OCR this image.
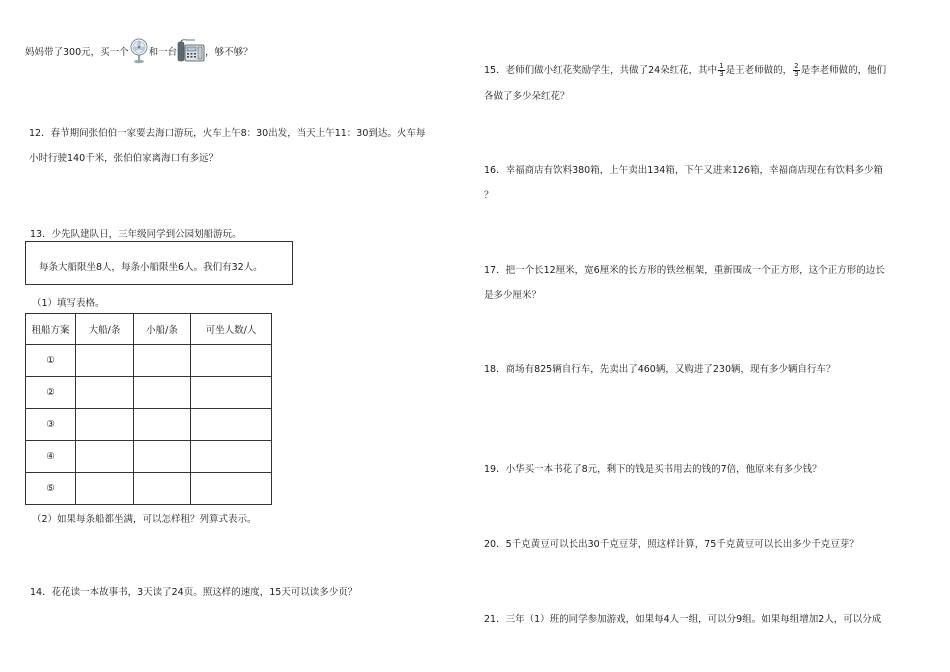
妈妈带了300元，买一个 和一台	，够不够？
12．春节期间张伯伯一家要去海口游玩，火车上午8：30出发，当天上午11：30到达。火车每
小时行驶140千米，张伯伯家离海口有多远？
13．少先队建队日，三年级同学到公园划船游玩。
每条大船限坐8人，每条小船限坐6人。我们有32人。
（1）填写表格。
租船方案	大船/条	小船/条	可坐人数/人
①			
②			
③			
④			
⑤			
（2）如果每条船都坐满，可以怎样租？列算式表示。
14．花花读一本故事书，3天读了24页。照这样的速度，15天可以读多少页？
15．老师们做小红花奖励学生，共做了24朵红花，其中 $\frac{1}{3}$ 是王老师做的， $\frac{2}{3}$ 是李老师做的，他们
各做了多少朵红花？
16．幸福商店有饮料380箱，上午卖出134箱，下午又进来126箱，幸福商店现在有饮料多少箱
？
17．把一个长12厘米，宽6厘米的长方形的铁丝框架，重新围成一个正方形，这个正方形的边长
是多少厘米？
18．商场有825辆自行车，先卖出了460辆，又购进了230辆，现有多少辆自行车？
19．小华买一本书花了8元，剩下的钱是买书用去的钱的7倍，他原来有多少钱？
20．5千克黄豆可以长出30千克豆芽，照这样计算，75千克黄豆可以长出多少千克豆芽？
21．三年（1）班的同学参加游戏，如果每4人一组，可以分9组。如果每组增加2人，可以分成
